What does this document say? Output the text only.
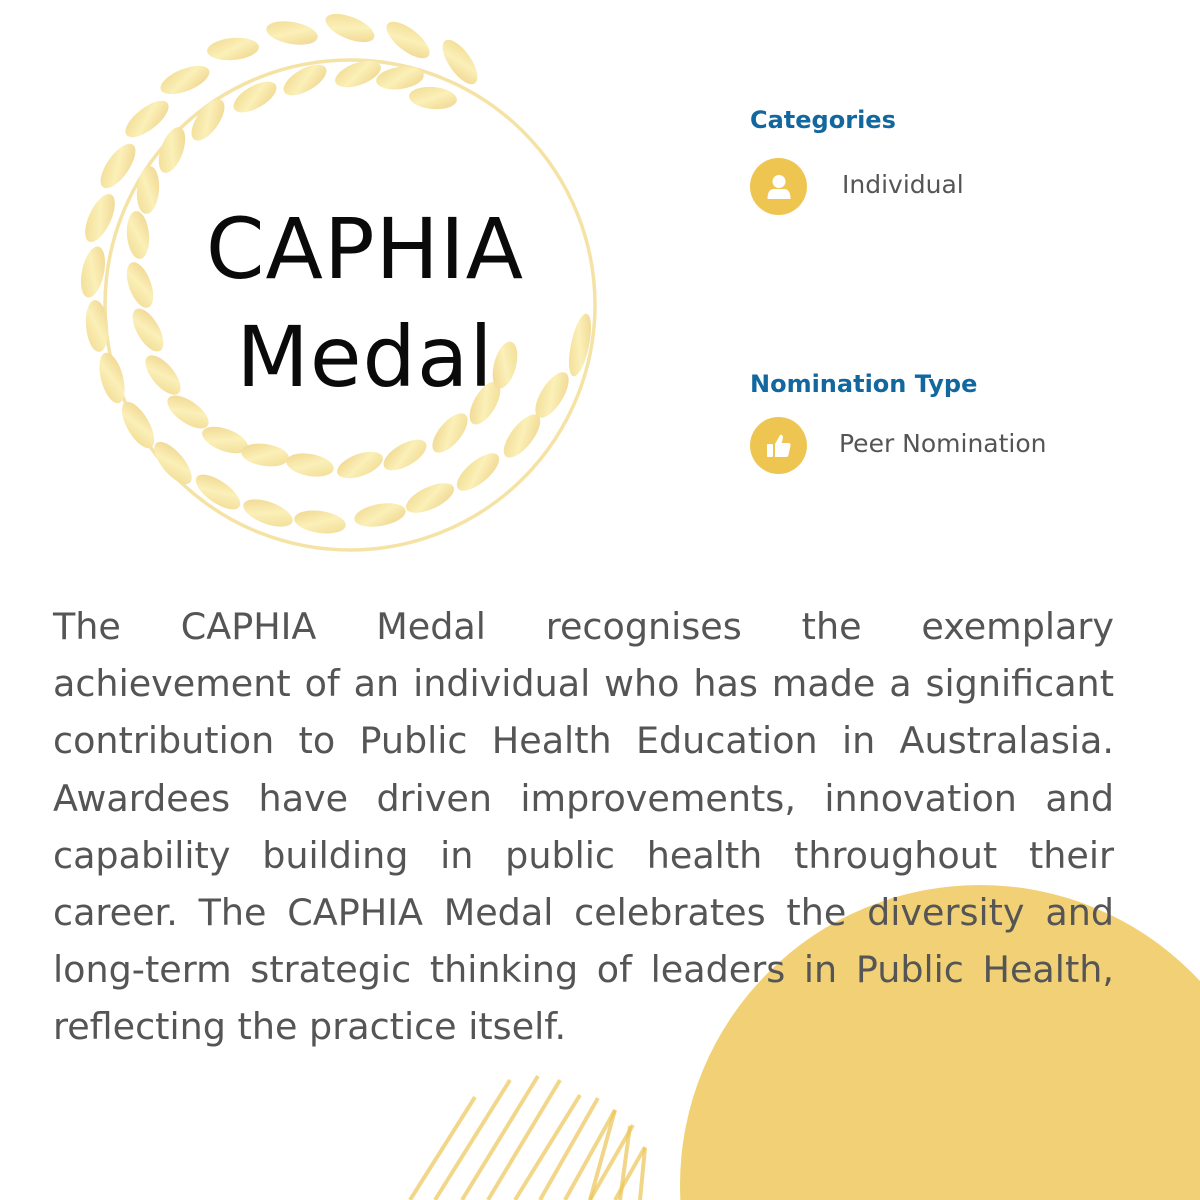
CAPHIA
Medal
Categories
Individual
Nomination Type
Peer Nomination

The CAPHIA Medal recognises the exemplary achievement of an individual who has made a significant contribution to Public Health Education in Australasia. Awardees have driven improvements, innovation and capability building in public health throughout their career. The CAPHIA Medal celebrates the diversity and long-term strategic thinking of leaders in Public Health, reflecting the practice itself.
